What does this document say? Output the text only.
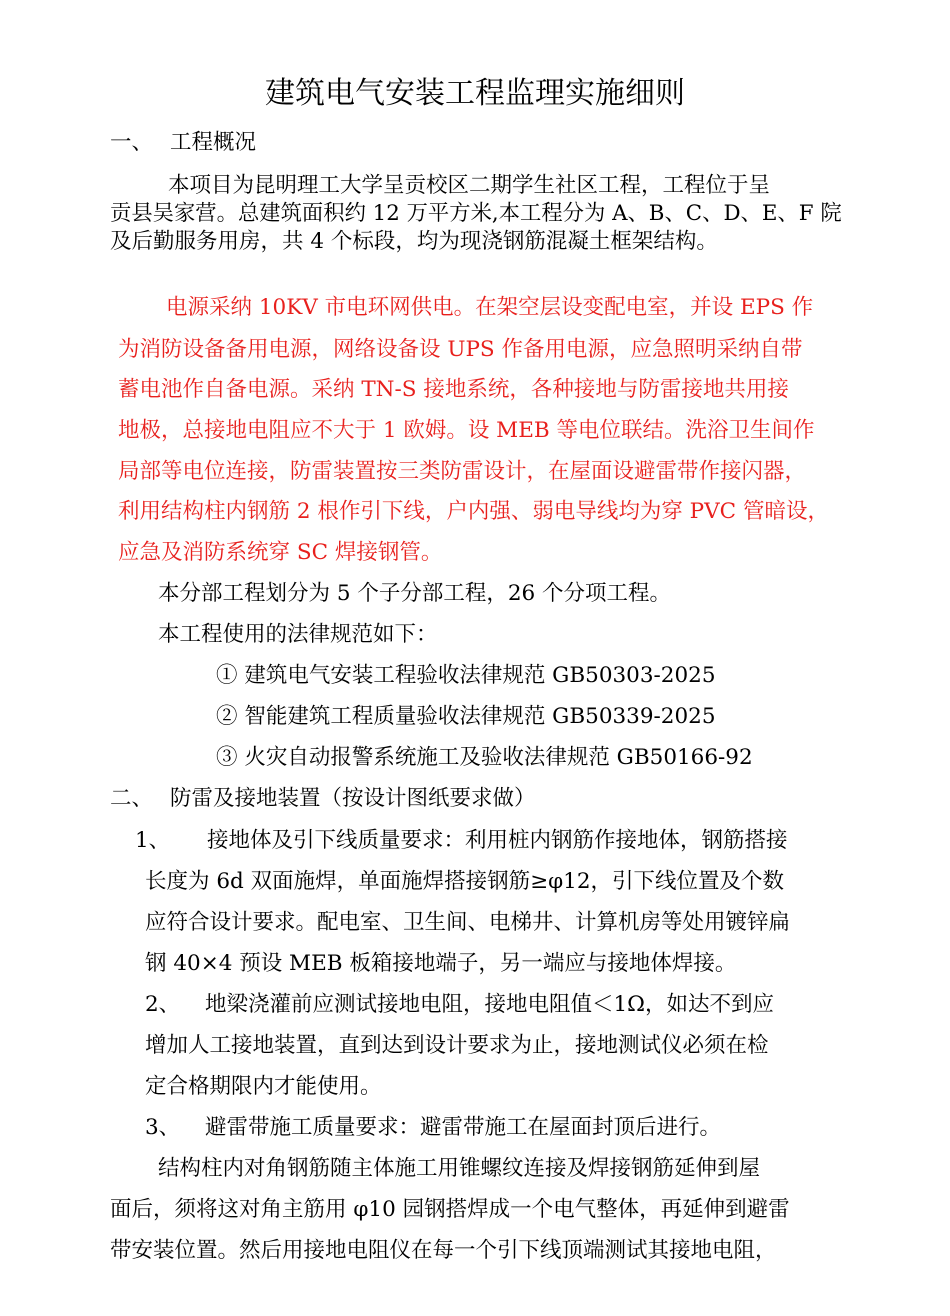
建筑电气安装工程监理实施细则
一、 工程概况
本项目为昆明理工大学呈贡校区二期学生社区工程，工程位于呈
贡县吴家营。总建筑面积约 12 万平方米,本工程分为 A、B、C、D、E、F 院
及后勤服务用房，共 4 个标段，均为现浇钢筋混凝土框架结构。
电源采纳 10KV 市电环网供电。在架空层设变配电室，并设 EPS 作
为消防设备备用电源，网络设备设 UPS 作备用电源，应急照明采纳自带
蓄电池作自备电源。采纳 TN-S 接地系统，各种接地与防雷接地共用接
地极，总接地电阻应不大于 1 欧姆。设 MEB 等电位联结。洗浴卫生间作
局部等电位连接，防雷装置按三类防雷设计，在屋面设避雷带作接闪器，
利用结构柱内钢筋 2 根作引下线，户内强、弱电导线均为穿 PVC 管暗设，
应急及消防系统穿 SC 焊接钢管。
本分部工程划分为 5 个子分部工程，26 个分项工程。
本工程使用的法律规范如下：
① 建筑电气安装工程验收法律规范 GB50303-2025
② 智能建筑工程质量验收法律规范 GB50339-2025
③ 火灾自动报警系统施工及验收法律规范 GB50166-92
二、 防雷及接地装置（按设计图纸要求做）
1、 接地体及引下线质量要求：利用桩内钢筋作接地体，钢筋搭接
长度为 6d 双面施焊，单面施焊搭接钢筋≥φ12，引下线位置及个数
应符合设计要求。配电室、卫生间、电梯井、计算机房等处用镀锌扁
钢 40×4 预设 MEB 板箱接地端子，另一端应与接地体焊接。
2、 地梁浇灌前应测试接地电阻，接地电阻值＜1Ω，如达不到应
增加人工接地装置，直到达到设计要求为止，接地测试仪必须在检
定合格期限内才能使用。
3、 避雷带施工质量要求：避雷带施工在屋面封顶后进行。
结构柱内对角钢筋随主体施工用锥螺纹连接及焊接钢筋延伸到屋
面后，须将这对角主筋用 φ10 园钢搭焊成一个电气整体，再延伸到避雷
带安装位置。然后用接地电阻仪在每一个引下线顶端测试其接地电阻，
